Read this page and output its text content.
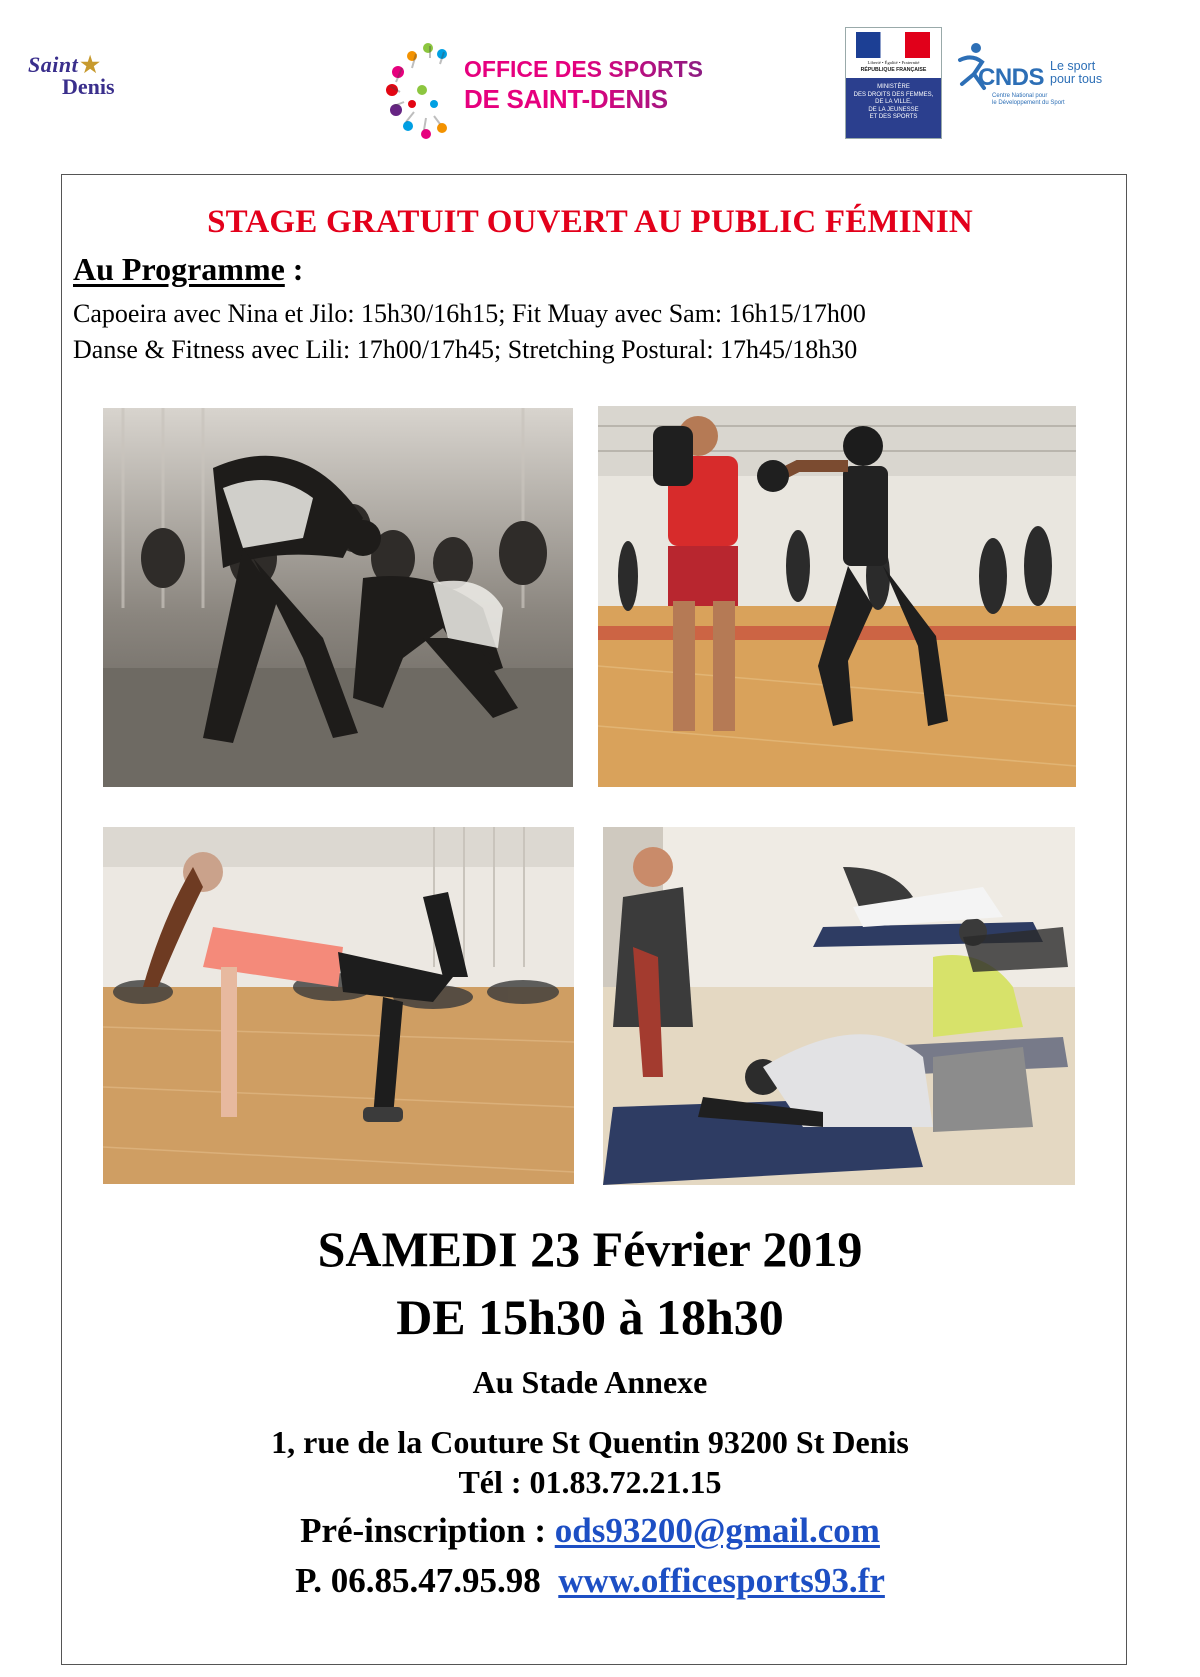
Saint★
Denis
OFFICE DES SPORTS
DE SAINT-DENIS
Liberté • Égalité • Fraternité
RÉPUBLIQUE FRANÇAISE
MINISTÈRE
DES DROITS DES FEMMES,
DE LA VILLE,
DE LA JEUNESSE
ET DES SPORTS
CNDS Le sport
pour tous
Centre National pour
le Développement du Sport
STAGE GRATUIT OUVERT AU PUBLIC FÉMININ
Au Programme :

Capoeira avec Nina et Jilo: 15h30/16h15; Fit Muay avec Sam: 16h15/17h00

Danse & Fitness avec Lili: 17h00/17h45; Stretching Postural: 17h45/18h30

SAMEDI 23 Février 2019

DE 15h30 à 18h30

Au Stade Annexe

1, rue de la Couture St Quentin 93200 St Denis

Tél : 01.83.72.21.15

Pré-inscription : ods93200@gmail.com

P. 06.85.47.95.98 www.officesports93.fr
